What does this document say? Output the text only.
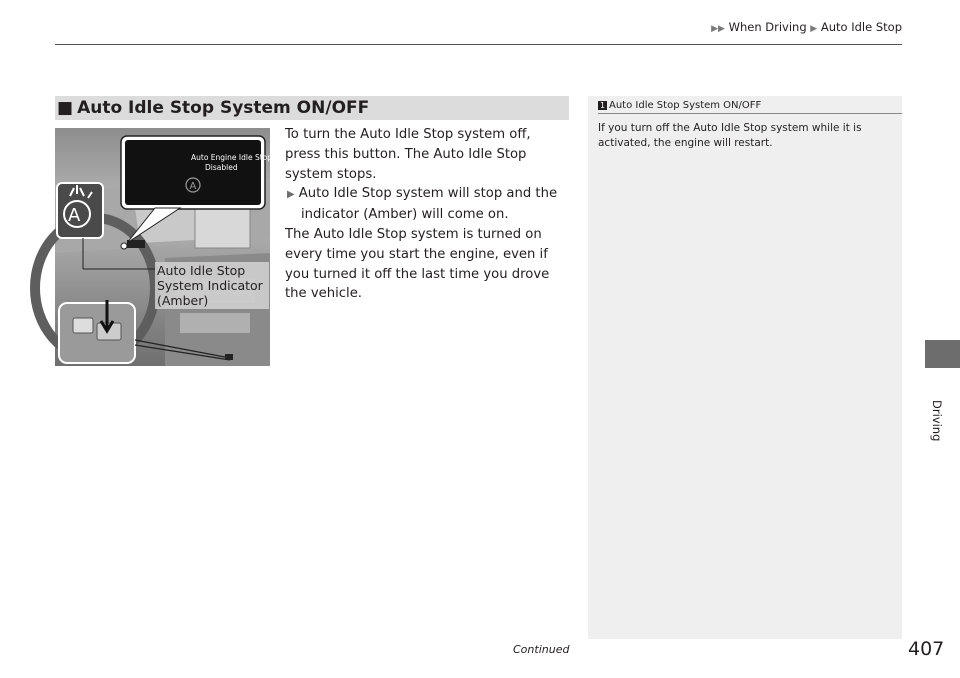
▶▶ When Driving ▶ Auto Idle Stop
■ Auto Idle Stop System ON/OFF
A
A
Auto Engine Idle Stop
Disabled
Auto Idle Stop System Indicator (Amber)

To turn the Auto Idle Stop system off, press this button. The Auto Idle Stop system stops.

▶ Auto Idle Stop system will stop and the indicator (Amber) will come on.

The Auto Idle Stop system is turned on every time you start the engine, even if you turned it off the last time you drove the vehicle.

1 Auto Idle Stop System ON/OFF
If you turn off the Auto Idle Stop system while it is activated, the engine will restart.
Driving
Continued	407
